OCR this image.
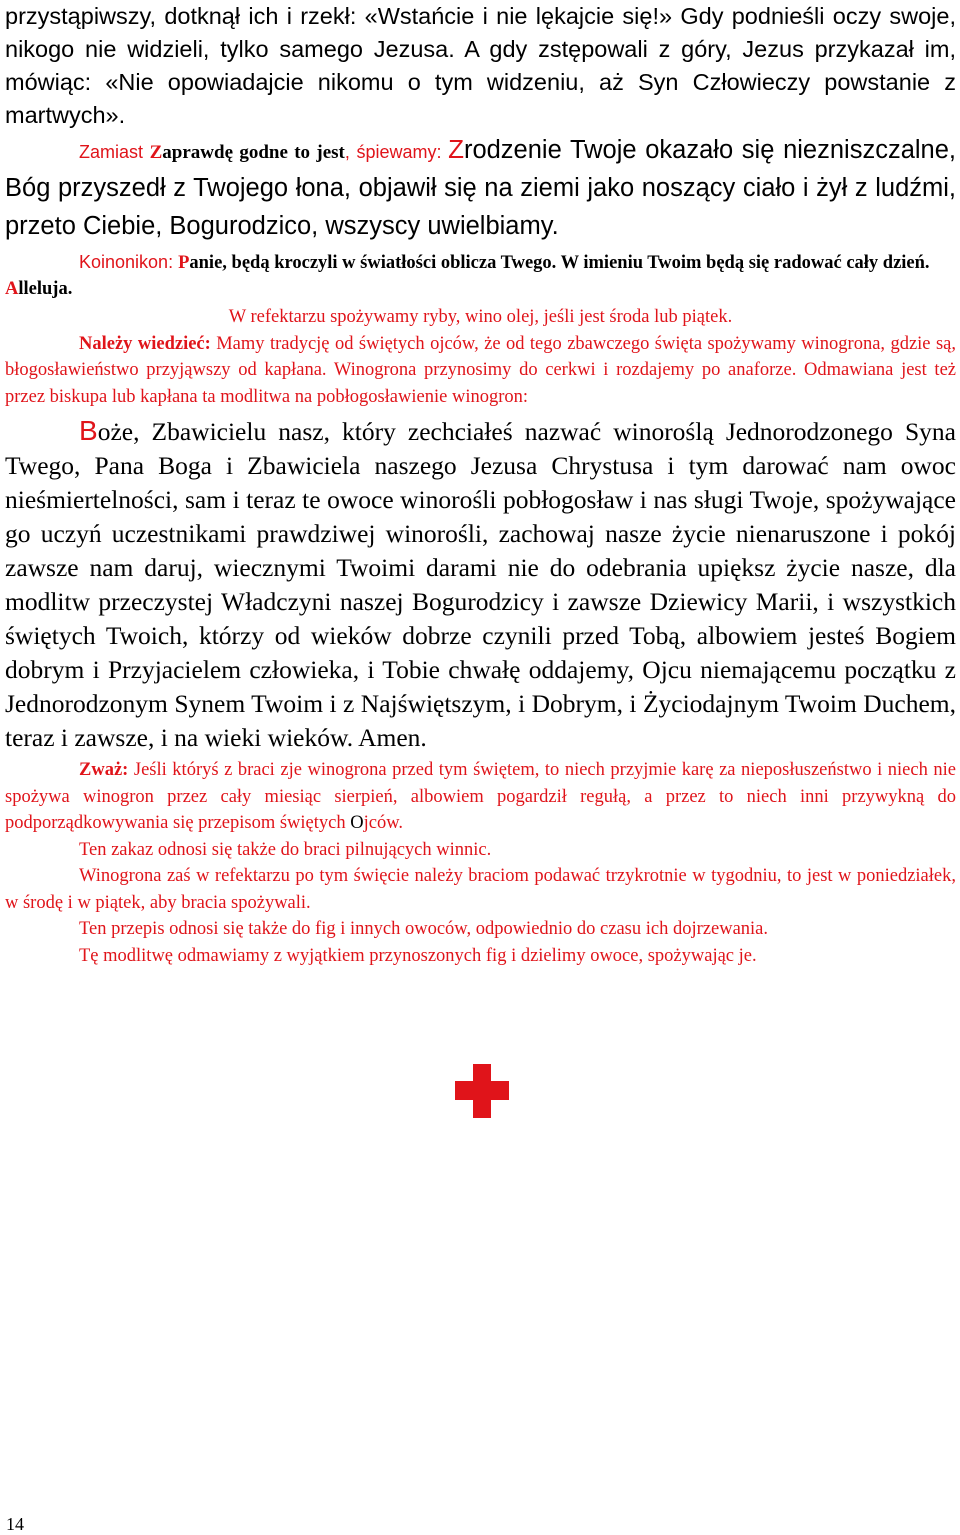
przystąpiwszy, dotknął ich i rzekł: «Wstańcie i nie lękajcie się!» Gdy podnieśli oczy swoje, nikogo nie widzieli, tylko samego Jezusa. A gdy zstępowali z góry, Jezus przykazał im, mówiąc: «Nie opowiadajcie nikomu o tym widzeniu, aż Syn Człowieczy powstanie z martwych».

Zamiast Zaprawdę godne to jest, śpiewamy: Zrodzenie Twoje okazało się niezniszczalne, Bóg przyszedł z Twojego łona, objawił się na ziemi jako noszący ciało i żył z ludźmi, przeto Ciebie, Bogurodzico, wszyscy uwielbiamy.

Koinonikon: Panie, będą kroczyli w światłości oblicza Twego. W imieniu Twoim będą się radować cały dzień. Alleluja.

W refektarzu spożywamy ryby, wino olej, jeśli jest środa lub piątek.

Należy wiedzieć: Mamy tradycję od świętych ojców, że od tego zbawczego święta spożywamy winogrona, gdzie są, błogosławieństwo przyjąwszy od kapłana. Winogrona przynosimy do cerkwi i rozdajemy po anaforze. Odmawiana jest też przez biskupa lub kapłana ta modlitwa na pobłogosławienie winogron:

Boże, Zbawicielu nasz, który zechciałeś nazwać winoroślą Jednorodzonego Syna Twego, Pana Boga i Zbawiciela naszego Jezusa Chrystusa i tym darować nam owoc nieśmiertelności, sam i teraz te owoce winorośli pobłogosław i nas sługi Twoje, spożywające go uczyń uczestnikami prawdziwej winorośli, zachowaj nasze życie nienaruszone i pokój zawsze nam daruj, wiecznymi Twoimi darami nie do odebrania upiększ życie nasze, dla modlitw przeczystej Władczyni naszej Bogurodzicy i zawsze Dziewicy Marii, i wszystkich świętych Twoich, którzy od wieków dobrze czynili przed Tobą, albowiem jesteś Bogiem dobrym i Przyjacielem człowieka, i Tobie chwałę oddajemy, Ojcu niemającemu początku z Jednorodzonym Synem Twoim i z Najświętszym, i Dobrym, i Życiodajnym Twoim Duchem, teraz i zawsze, i na wieki wieków. Amen.

Zważ: Jeśli któryś z braci zje winogrona przed tym świętem, to niech przyjmie karę za nieposłuszeństwo i niech nie spożywa winogron przez cały miesiąc sierpień, albowiem pogardził regułą, a przez to niech inni przywykną do podporządkowywania się przepisom świętych Ojców.

Ten zakaz odnosi się także do braci pilnujących winnic.

Winogrona zaś w refektarzu po tym święcie należy braciom podawać trzykrotnie w tygodniu, to jest w poniedziałek, w środę i w piątek, aby bracia spożywali.

Ten przepis odnosi się także do fig i innych owoców, odpowiednio do czasu ich dojrzewania.

Tę modlitwę odmawiamy z wyjątkiem przynoszonych fig i dzielimy owoce, spożywając je.

14
